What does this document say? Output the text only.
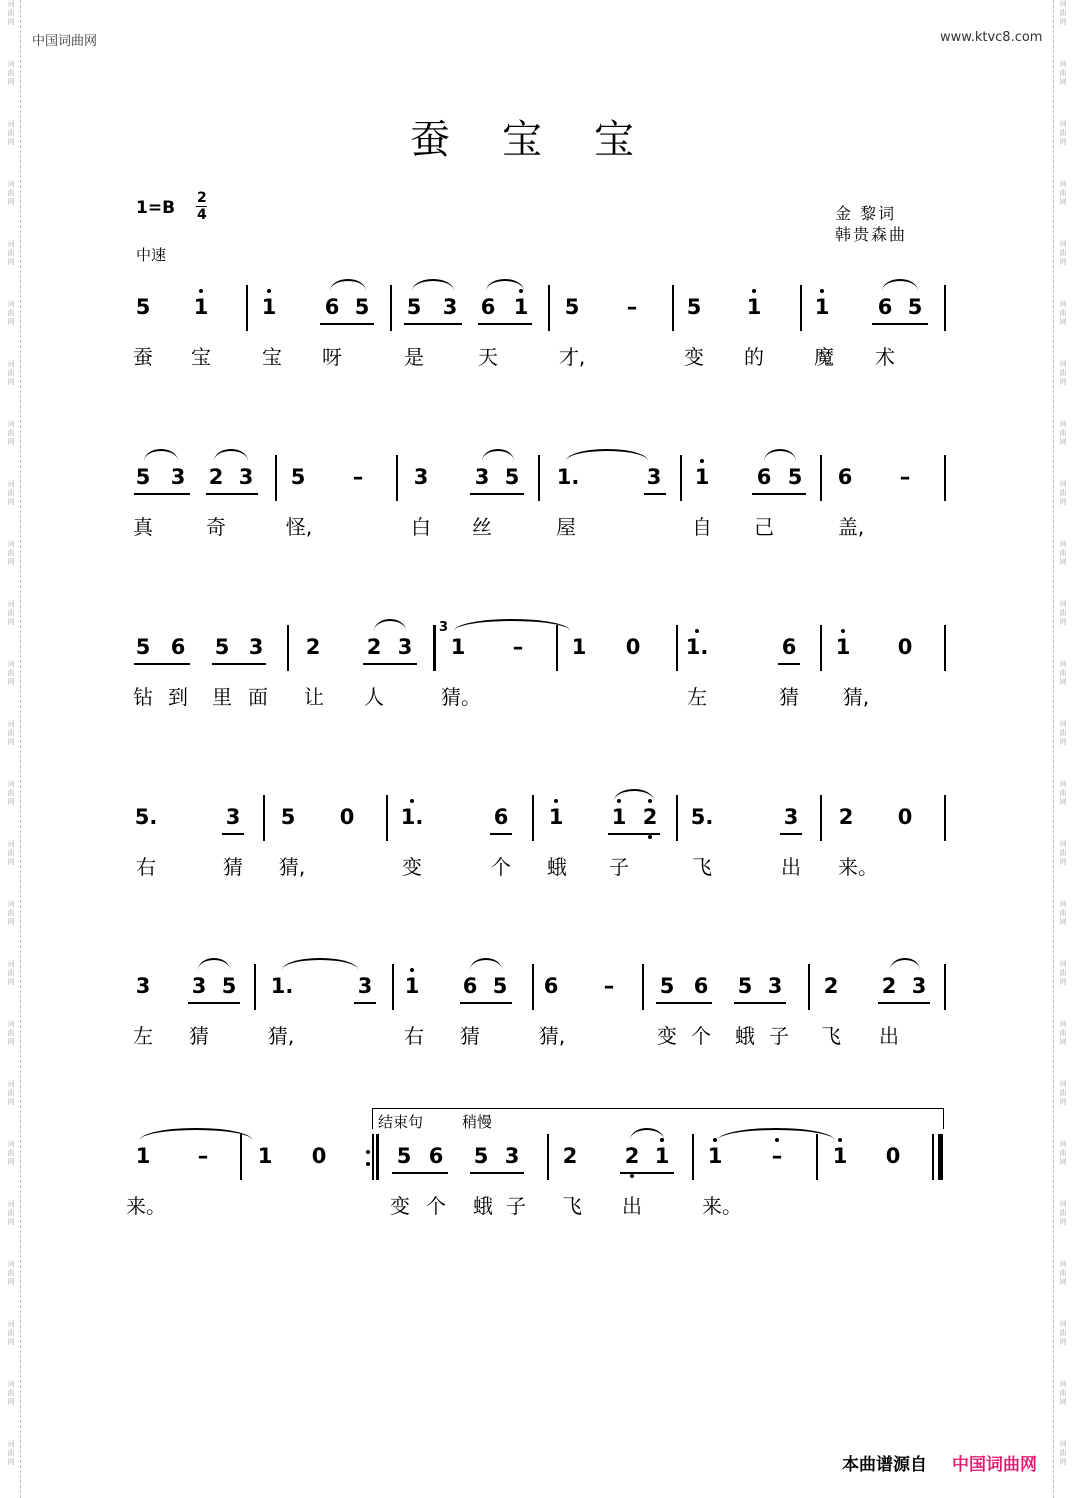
词
曲
网
词
曲
网
词
曲
网
词
曲
网
词
曲
网
词
曲
网
词
曲
网
词
曲
网
词
曲
网
词
曲
网
词
曲
网
词
曲
网
词
曲
网
词
曲
网
词
曲
网
词
曲
网
词
曲
网
词
曲
网
词
曲
网
词
曲
网
词
曲
网
词
曲
网
词
曲
网
词
曲
网
词
曲
网
词
曲
网
词
曲
网
词
曲
网
词
曲
网
词
曲
网
词
曲
网
词
曲
网
词
曲
网
词
曲
网
词
曲
网
词
曲
网
词
曲
网
词
曲
网
词
曲
网
词
曲
网
词
曲
网
词
曲
网
词
曲
网
词
曲
网
词
曲
网
词
曲
网
词
曲
网
词
曲
网
词
曲
网
词
曲
网
中国词曲网	www.ktvc8.com
蚕宝宝
1=B 2
4
中速
金 黎词
韩贵森曲
5 1	1 6 5 5 3 6 1 5 – 5 1	1 6 5
蚕 宝	宝 呀	是	天	才,	变 的	魔 术
5 3 2 3 5 – 3 3 5 1.	3 1 6 5 6 –
真	奇	怪,	白 丝	屋	自 己	盖,
5 6 5 3 2 2 3 1 – 1 0 1.	6 1 0
钻 到 里 面 让 人	猜。	左	猜 猜,
5.	3 5 0 1.	6 1 1 2 5.	3 2 0
右	猜 猜,	变	个 蛾 子	飞	出 来。
3 3 5 1.	3 1 6 5 6 – 5 6 5 3 2 2 3
左 猜	猜,	右 猜	猜,	变 个 蛾 子 飞 出
1 – 1 0	5 6 5 3 2 2 1 1 – 1 0
来。	变 个 蛾 子 飞 出	来。
结束句	稍慢
3
本曲谱源自 中国词曲网
